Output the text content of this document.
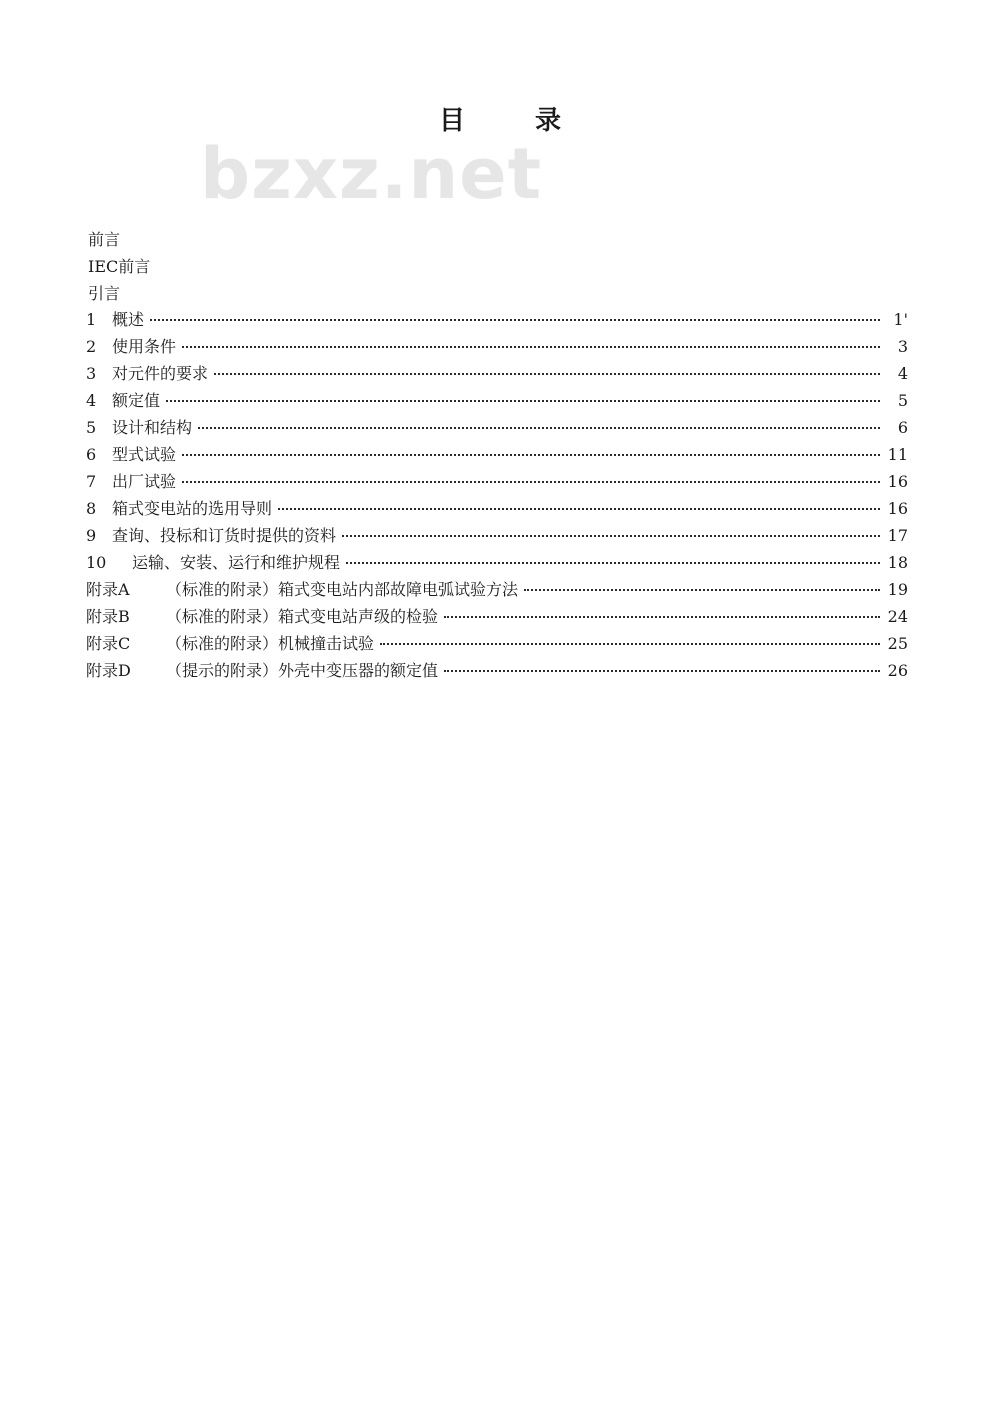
目录
bzxz.net
前言
IEC前言
引言
1 概述	1'
2 使用条件	3
3 对元件的要求	4
4 额定值	5
5 设计和结构	6
6 型式试验	11
7 出厂试验	16
8 箱式变电站的选用导则	16
9 查询、投标和订货时提供的资料	17
10	运输、安装、运行和维护规程	18
附录A	（标准的附录）箱式变电站内部故障电弧试验方法	19
附录B	（标准的附录）箱式变电站声级的检验	24
附录C	（标准的附录）机械撞击试验	25
附录D	（提示的附录）外壳中变压器的额定值	26
